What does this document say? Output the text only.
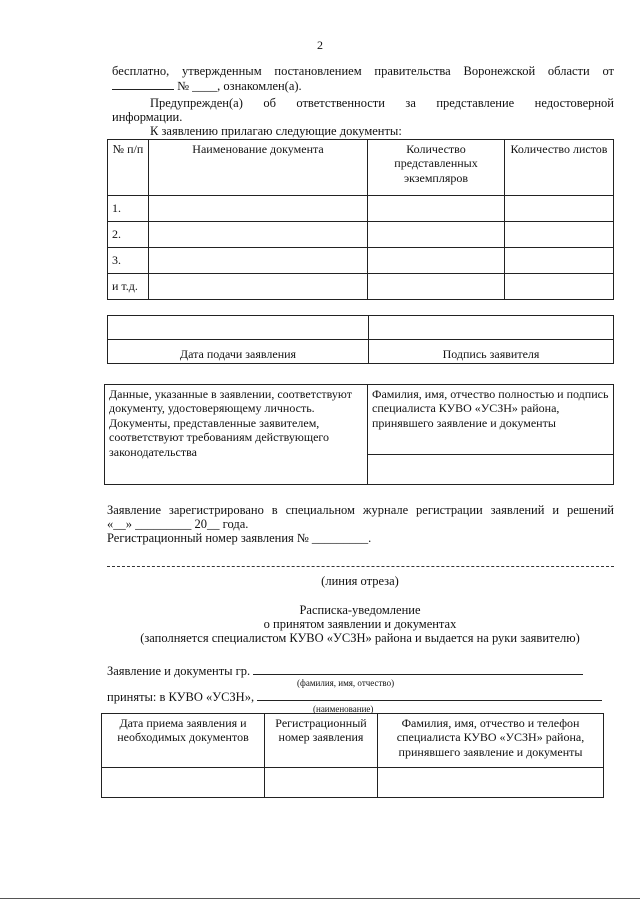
2
бесплатно, утвержденным постановлением правительства Воронежской области от
№ ____, ознакомлен(а).
Предупрежден(а) об ответственности за представление недостоверной
информации.
К заявлению прилагаю следующие документы:
№ п/п	Наименование документа	Количество представленных экземпляров	Количество листов
1.			
2.			
3.			
и т.д.			

Дата подачи заявления	Подпись заявителя
Данные, указанные в заявлении, соответствуют документу, удостоверяющему личность.
Документы, представленные заявителем, соответствуют требованиям действующего законодательства
	Фамилия, имя, отчество полностью и подпись специалиста КУВО «УСЗН» района, принявшего заявление и документы

Заявление зарегистрировано в специальном журнале регистрации заявлений и решений
«__» _________ 20__ года.
Регистрационный номер заявления № _________.
(линия отреза)
Расписка-уведомление
о принятом заявлении и документах
(заполняется специалистом КУВО «УСЗН» района и выдается на руки заявителю)
Заявление и документы гр.
(фамилия, имя, отчество)
приняты: в КУВО «УСЗН»,
(наименование)
Дата приема заявления и необходимых документов	Регистрационный номер заявления	Фамилия, имя, отчество и телефон специалиста КУВО «УСЗН» района, принявшего заявление и документы
